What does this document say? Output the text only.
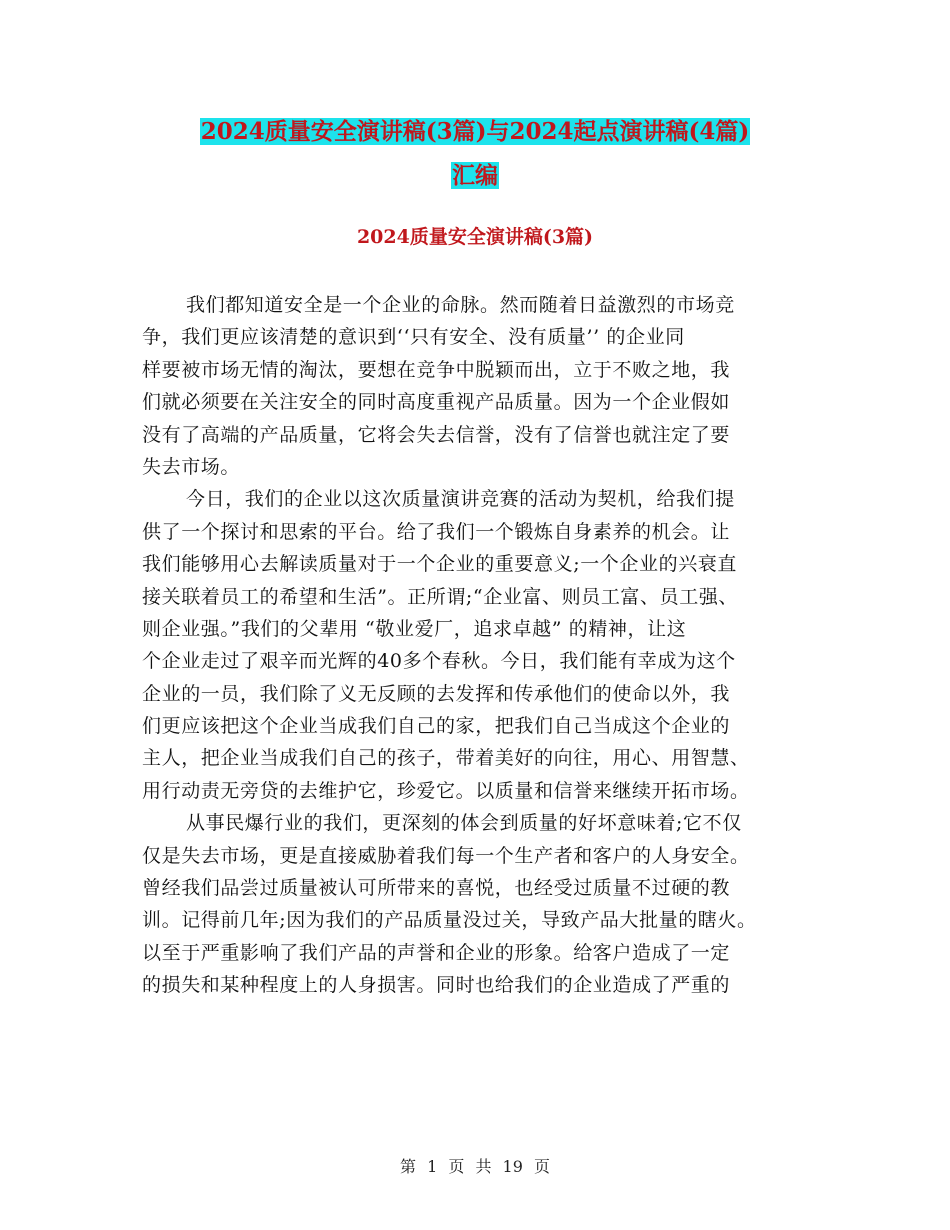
2024质量安全演讲稿(3篇)与2024起点演讲稿(4篇)
汇编
2024质量安全演讲稿(3篇)
我们都知道安全是一个企业的命脉。然而随着日益激烈的市场竞
争，我们更应该清楚的意识到‘‘只有安全、没有质量’’ 的企业同
样要被市场无情的淘汰，要想在竞争中脱颖而出，立于不败之地，我
们就必须要在关注安全的同时高度重视产品质量。因为一个企业假如
没有了高端的产品质量，它将会失去信誉，没有了信誉也就注定了要
失去市场。
今日，我们的企业以这次质量演讲竞赛的活动为契机，给我们提
供了一个探讨和思索的平台。给了我们一个锻炼自身素养的机会。让
我们能够用心去解读质量对于一个企业的重要意义;一个企业的兴衰直
接关联着员工的希望和生活”。正所谓;“企业富、则员工富、员工强、
则企业强。”我们的父辈用 “敬业爱厂，追求卓越” 的精神，让这
个企业走过了艰辛而光辉的40多个春秋。今日，我们能有幸成为这个
企业的一员，我们除了义无反顾的去发挥和传承他们的使命以外，我
们更应该把这个企业当成我们自己的家，把我们自己当成这个企业的
主人，把企业当成我们自己的孩子，带着美好的向往，用心、用智慧、
用行动责无旁贷的去维护它，珍爱它。以质量和信誉来继续开拓市场。
从事民爆行业的我们，更深刻的体会到质量的好坏意味着;它不仅
仅是失去市场，更是直接威胁着我们每一个生产者和客户的人身安全。
曾经我们品尝过质量被认可所带来的喜悦，也经受过质量不过硬的教
训。记得前几年;因为我们的产品质量没过关，导致产品大批量的瞎火。
以至于严重影响了我们产品的声誉和企业的形象。给客户造成了一定
的损失和某种程度上的人身损害。同时也给我们的企业造成了严重的
第 1 页 共 19 页
